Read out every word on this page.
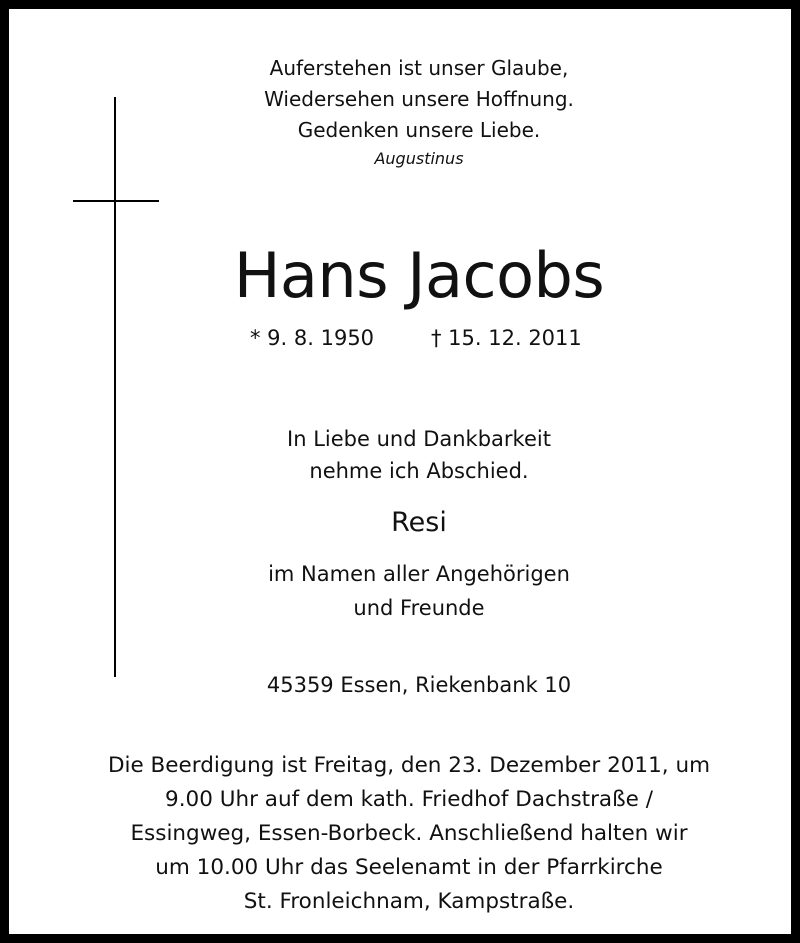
Auferstehen ist unser Glaube,
Wiedersehen unsere Hoffnung.
Gedenken unsere Liebe.
Augustinus
Hans Jacobs
* 9. 8. 1950	† 15. 12. 2011
In Liebe und Dankbarkeit
nehme ich Abschied.
Resi
im Namen aller Angehörigen
und Freunde
45359 Essen, Riekenbank 10
Die Beerdigung ist Freitag, den 23. Dezember 2011, um
9.00 Uhr auf dem kath. Friedhof Dachstraße /
Essingweg, Essen-Borbeck. Anschließend halten wir
um 10.00 Uhr das Seelenamt in der Pfarrkirche
St. Fronleichnam, Kampstraße.
